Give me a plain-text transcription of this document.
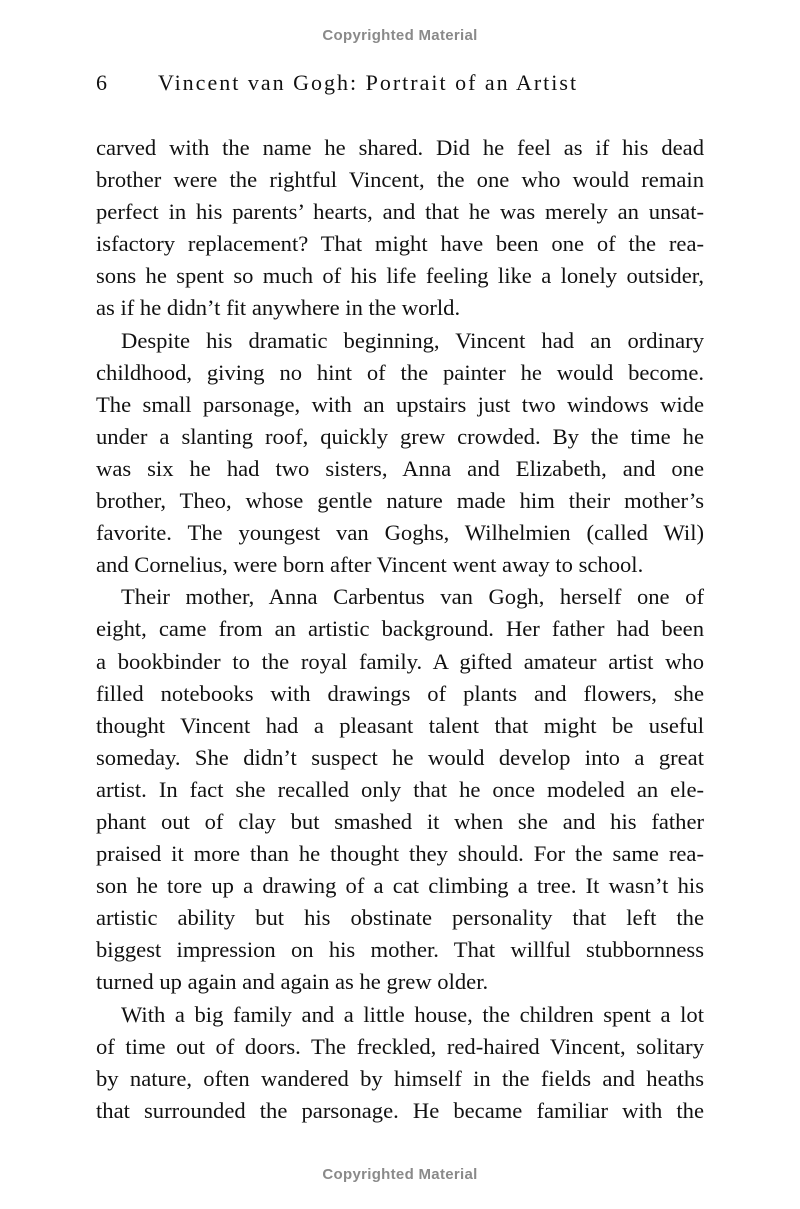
Copyrighted Material
6 Vincent van Gogh: Portrait of an Artist
carved with the name he shared. Did he feel as if his dead
brother were the rightful Vincent, the one who would remain
perfect in his parents’ hearts, and that he was merely an unsat-
isfactory replacement? That might have been one of the rea-
sons he spent so much of his life feeling like a lonely outsider,
as if he didn’t fit anywhere in the world.
Despite his dramatic beginning, Vincent had an ordinary
childhood, giving no hint of the painter he would become.
The small parsonage, with an upstairs just two windows wide
under a slanting roof, quickly grew crowded. By the time he
was six he had two sisters, Anna and Elizabeth, and one
brother, Theo, whose gentle nature made him their mother’s
favorite. The youngest van Goghs, Wilhelmien (called Wil)
and Cornelius, were born after Vincent went away to school.
Their mother, Anna Carbentus van Gogh, herself one of
eight, came from an artistic background. Her father had been
a bookbinder to the royal family. A gifted amateur artist who
filled notebooks with drawings of plants and flowers, she
thought Vincent had a pleasant talent that might be useful
someday. She didn’t suspect he would develop into a great
artist. In fact she recalled only that he once modeled an ele-
phant out of clay but smashed it when she and his father
praised it more than he thought they should. For the same rea-
son he tore up a drawing of a cat climbing a tree. It wasn’t his
artistic ability but his obstinate personality that left the
biggest impression on his mother. That willful stubbornness
turned up again and again as he grew older.
With a big family and a little house, the children spent a lot
of time out of doors. The freckled, red-haired Vincent, solitary
by nature, often wandered by himself in the fields and heaths
that surrounded the parsonage. He became familiar with the
Copyrighted Material
